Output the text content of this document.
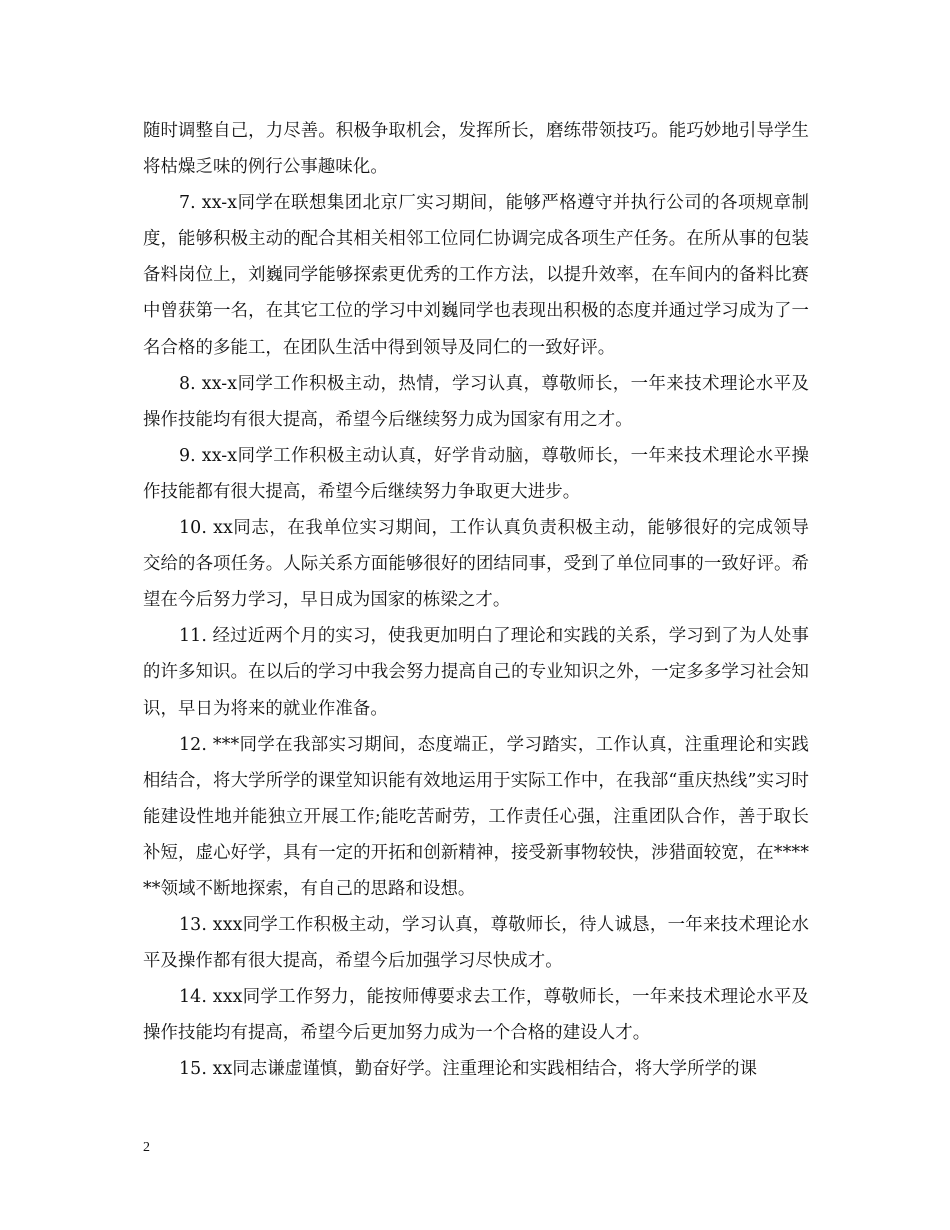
随时调整自己，力尽善。积极争取机会，发挥所长，磨练带领技巧。能巧妙地引导学生将枯燥乏味的例行公事趣味化。

7. xx-x同学在联想集团北京厂实习期间，能够严格遵守并执行公司的各项规章制度，能够积极主动的配合其相关相邻工位同仁协调完成各项生产任务。在所从事的包装备料岗位上，刘巍同学能够探索更优秀的工作方法，以提升效率，在车间内的备料比赛中曾获第一名，在其它工位的学习中刘巍同学也表现出积极的态度并通过学习成为了一名合格的多能工，在团队生活中得到领导及同仁的一致好评。

8. xx-x同学工作积极主动，热情，学习认真，尊敬师长，一年来技术理论水平及操作技能均有很大提高，希望今后继续努力成为国家有用之才。

9. xx-x同学工作积极主动认真，好学肯动脑，尊敬师长，一年来技术理论水平操作技能都有很大提高，希望今后继续努力争取更大进步。

10. xx同志，在我单位实习期间，工作认真负责积极主动，能够很好的完成领导交给的各项任务。人际关系方面能够很好的团结同事，受到了单位同事的一致好评。希望在今后努力学习，早日成为国家的栋梁之才。

11. 经过近两个月的实习，使我更加明白了理论和实践的关系，学习到了为人处事的许多知识。在以后的学习中我会努力提高自己的专业知识之外，一定多多学习社会知识，早日为将来的就业作准备。

12. ***同学在我部实习期间，态度端正，学习踏实，工作认真，注重理论和实践相结合，将大学所学的课堂知识能有效地运用于实际工作中，在我部“重庆热线”实习时能建设性地并能独立开展工作;能吃苦耐劳，工作责任心强，注重团队合作，善于取长补短，虚心好学，具有一定的开拓和创新精神，接受新事物较快，涉猎面较宽，在******领域不断地探索，有自己的思路和设想。

13. xxx同学工作积极主动，学习认真，尊敬师长，待人诚恳，一年来技术理论水平及操作都有很大提高，希望今后加强学习尽快成才。

14. xxx同学工作努力，能按师傅要求去工作，尊敬师长，一年来技术理论水平及操作技能均有提高，希望今后更加努力成为一个合格的建设人才。

15. xx同志谦虚谨慎，勤奋好学。注重理论和实践相结合，将大学所学的课

2
